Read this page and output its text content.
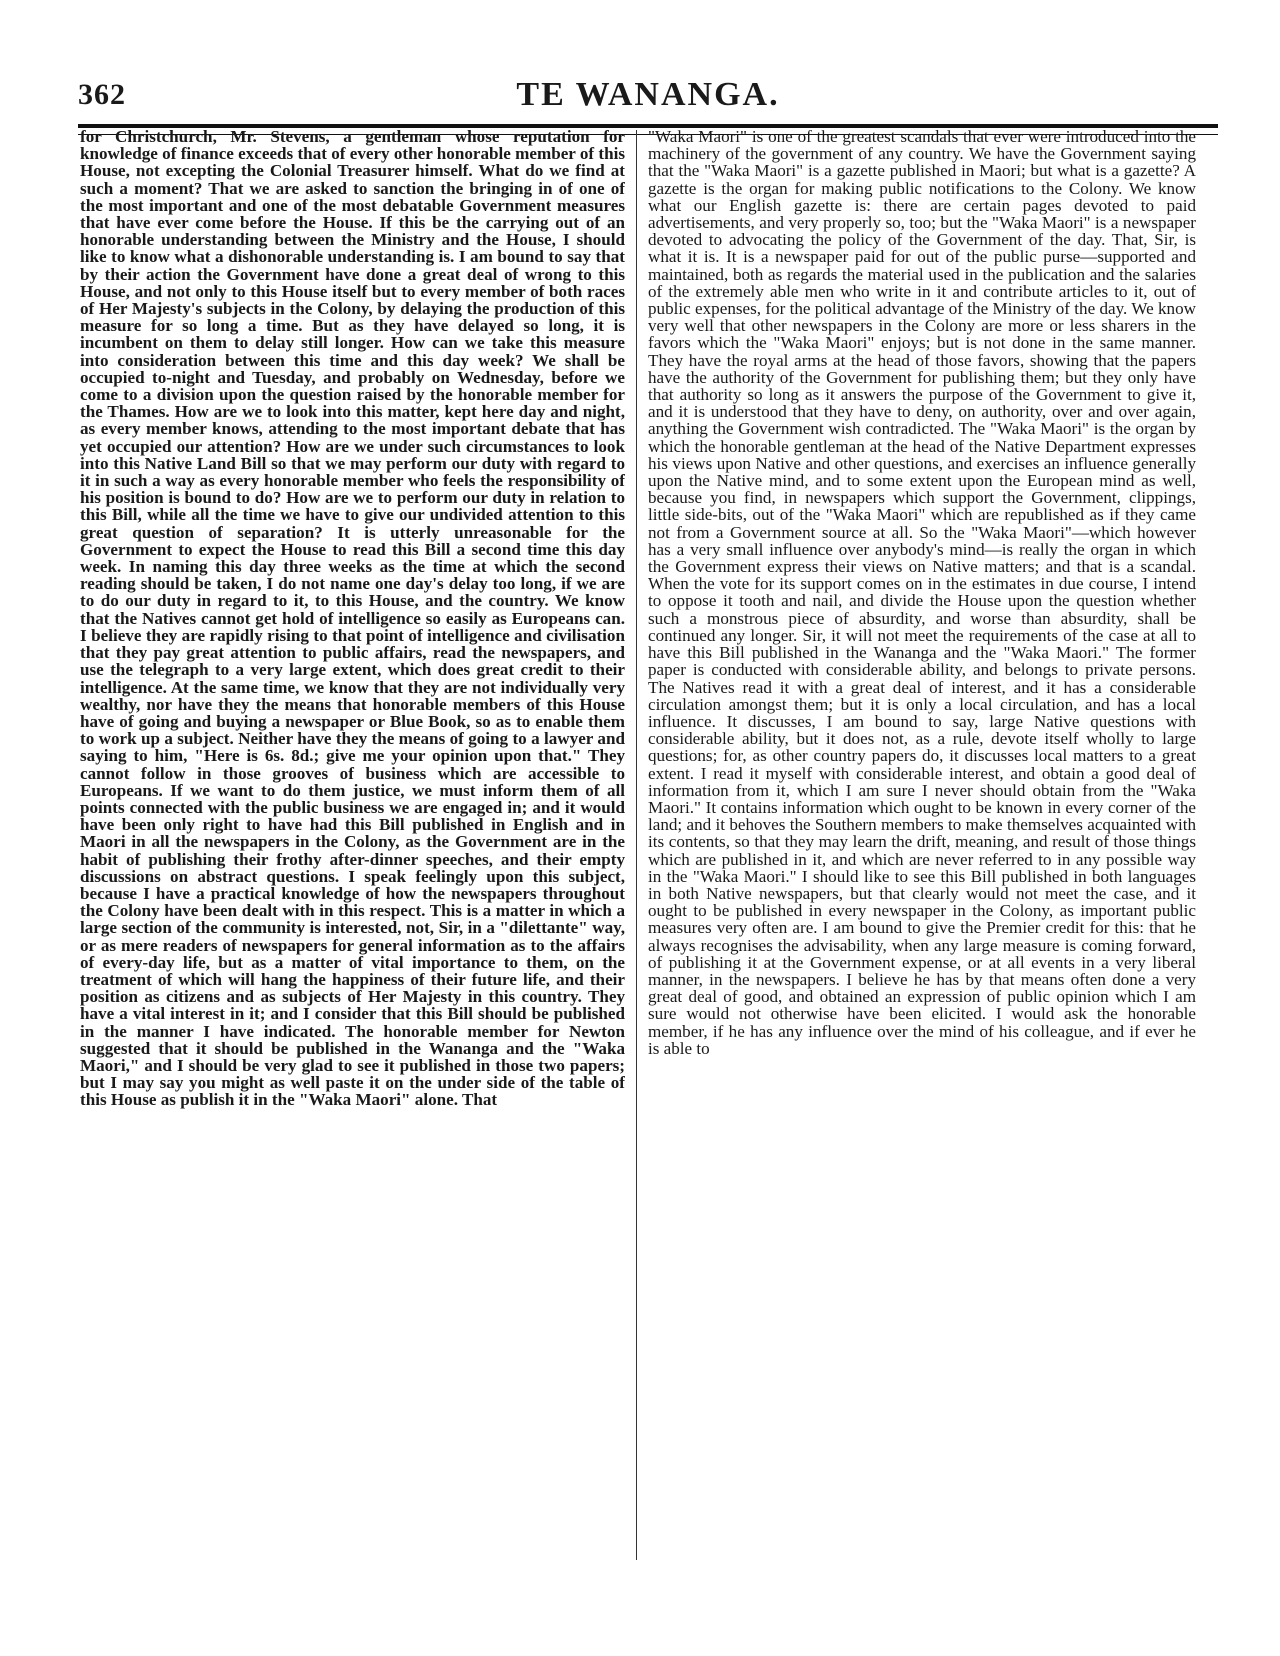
362	TE WANANGA.

for Christchurch, Mr. Stevens, a gentleman whose reputation for knowledge of finance exceeds that of every other honorable member of this House, not excepting the Colonial Treasurer himself. What do we find at such a moment? That we are asked to sanction the bringing in of one of the most important and one of the most debatable Government measures that have ever come before the House. If this be the carrying out of an honorable understanding between the Ministry and the House, I should like to know what a dishonorable understanding is. I am bound to say that by their action the Government have done a great deal of wrong to this House, and not only to this House itself but to every member of both races of Her Majesty's subjects in the Colony, by delaying the production of this measure for so long a time. But as they have delayed so long, it is incumbent on them to delay still longer. How can we take this measure into consideration between this time and this day week? We shall be occupied to-night and Tuesday, and probably on Wednesday, before we come to a division upon the question raised by the honorable member for the Thames. How are we to look into this matter, kept here day and night, as every member knows, attending to the most important debate that has yet occupied our attention? How are we under such circumstances to look into this Native Land Bill so that we may perform our duty with regard to it in such a way as every honorable member who feels the responsibility of his position is bound to do? How are we to perform our duty in relation to this Bill, while all the time we have to give our undivided attention to this great question of separation? It is utterly unreasonable for the Government to expect the House to read this Bill a second time this day week. In naming this day three weeks as the time at which the second reading should be taken, I do not name one day's delay too long, if we are to do our duty in regard to it, to this House, and the country. We know that the Natives cannot get hold of intelligence so easily as Europeans can. I believe they are rapidly rising to that point of intelligence and civilisation that they pay great attention to public affairs, read the newspapers, and use the telegraph to a very large extent, which does great credit to their intelligence. At the same time, we know that they are not individually very wealthy, nor have they the means that honorable members of this House have of going and buying a newspaper or Blue Book, so as to enable them to work up a subject. Neither have they the means of going to a lawyer and saying to him, "Here is 6s. 8d.; give me your opinion upon that." They cannot follow in those grooves of business which are accessible to Europeans. If we want to do them justice, we must inform them of all points connected with the public business we are engaged in; and it would have been only right to have had this Bill published in English and in Maori in all the newspapers in the Colony, as the Government are in the habit of publishing their frothy after-dinner speeches, and their empty discussions on abstract questions. I speak feelingly upon this subject, because I have a practical knowledge of how the newspapers throughout the Colony have been dealt with in this respect. This is a matter in which a large section of the community is interested, not, Sir, in a "dilettante" way, or as mere readers of newspapers for general information as to the affairs of every-day life, but as a matter of vital importance to them, on the treatment of which will hang the happiness of their future life, and their position as citizens and as subjects of Her Majesty in this country. They have a vital interest in it; and I consider that this Bill should be published in the manner I have indicated. The honorable member for Newton suggested that it should be published in the Wananga and the "Waka Maori," and I should be very glad to see it published in those two papers; but I may say you might as well paste it on the under side of the table of this House as publish it in the "Waka Maori" alone. That

"Waka Maori" is one of the greatest scandals that ever were introduced into the machinery of the government of any country. We have the Government saying that the "Waka Maori" is a gazette published in Maori; but what is a gazette? A gazette is the organ for making public notifications to the Colony. We know what our English gazette is: there are certain pages devoted to paid advertisements, and very properly so, too; but the "Waka Maori" is a newspaper devoted to advocating the policy of the Government of the day. That, Sir, is what it is. It is a newspaper paid for out of the public purse—supported and maintained, both as regards the material used in the publication and the salaries of the extremely able men who write in it and contribute articles to it, out of public expenses, for the political advantage of the Ministry of the day. We know very well that other newspapers in the Colony are more or less sharers in the favors which the "Waka Maori" enjoys; but is not done in the same manner. They have the royal arms at the head of those favors, showing that the papers have the authority of the Government for publishing them; but they only have that authority so long as it answers the purpose of the Government to give it, and it is understood that they have to deny, on authority, over and over again, anything the Government wish contradicted. The "Waka Maori" is the organ by which the honorable gentleman at the head of the Native Department expresses his views upon Native and other questions, and exercises an influence generally upon the Native mind, and to some extent upon the European mind as well, because you find, in newspapers which support the Government, clippings, little side-bits, out of the "Waka Maori" which are republished as if they came not from a Government source at all. So the "Waka Maori"—which however has a very small influence over anybody's mind—is really the organ in which the Government express their views on Native matters; and that is a scandal. When the vote for its support comes on in the estimates in due course, I intend to oppose it tooth and nail, and divide the House upon the question whether such a monstrous piece of absurdity, and worse than absurdity, shall be continued any longer. Sir, it will not meet the requirements of the case at all to have this Bill published in the Wananga and the "Waka Maori." The former paper is conducted with considerable ability, and belongs to private persons. The Natives read it with a great deal of interest, and it has a considerable circulation amongst them; but it is only a local circulation, and has a local influence. It discusses, I am bound to say, large Native questions with considerable ability, but it does not, as a rule, devote itself wholly to large questions; for, as other country papers do, it discusses local matters to a great extent. I read it myself with considerable interest, and obtain a good deal of information from it, which I am sure I never should obtain from the "Waka Maori." It contains information which ought to be known in every corner of the land; and it behoves the Southern members to make themselves acquainted with its contents, so that they may learn the drift, meaning, and result of those things which are published in it, and which are never referred to in any possible way in the "Waka Maori." I should like to see this Bill published in both languages in both Native newspapers, but that clearly would not meet the case, and it ought to be published in every newspaper in the Colony, as important public measures very often are. I am bound to give the Premier credit for this: that he always recognises the advisability, when any large measure is coming forward, of publishing it at the Government expense, or at all events in a very liberal manner, in the newspapers. I believe he has by that means often done a very great deal of good, and obtained an expression of public opinion which I am sure would not otherwise have been elicited. I would ask the honorable member, if he has any influence over the mind of his colleague, and if ever he is able to
